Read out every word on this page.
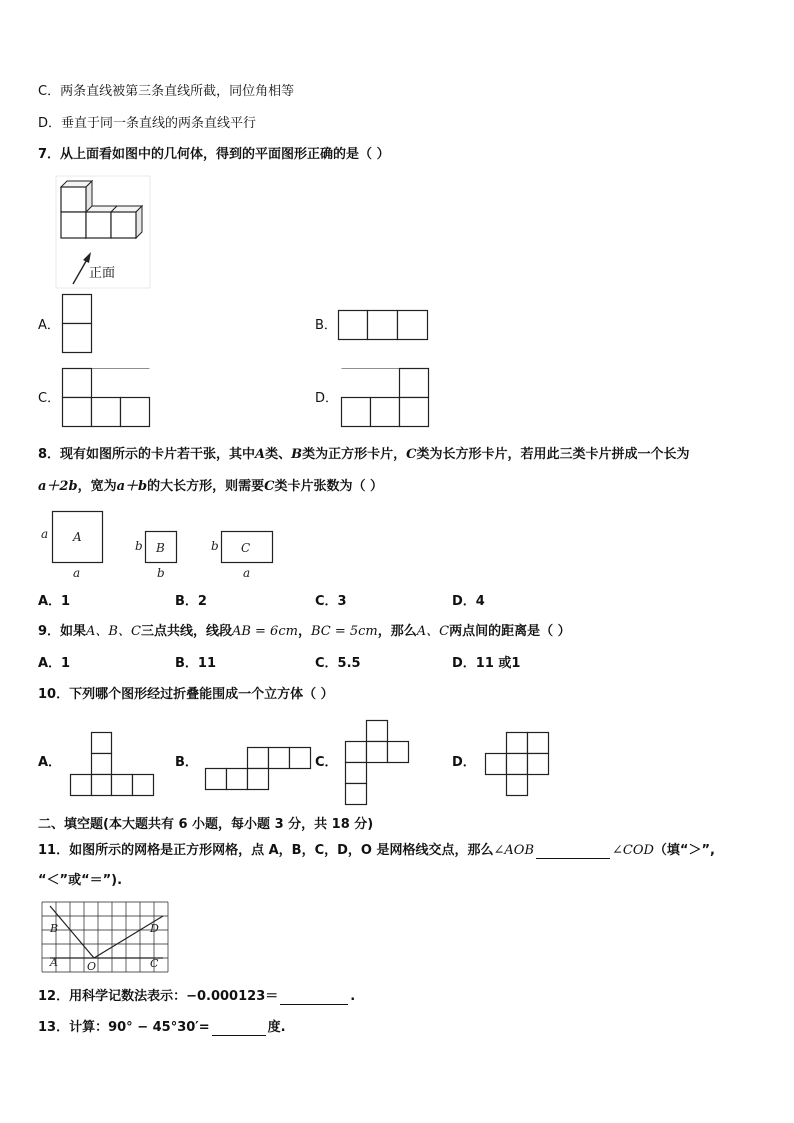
C．两条直线被第三条直线所截，同位角相等
D．垂直于同一条直线的两条直线平行
7．从上面看如图中的几何体，得到的平面图形正确的是（ ）
正面
A．	B．
C．	D．
8．现有如图所示的卡片若干张，其中A类、B类为正方形卡片，C类为长方形卡片，若用此三类卡片拼成一个长为
a＋2b，宽为a＋b的大长方形，则需要C类卡片张数为（ ）
a A
a
b B
b
b C
a
A．1	B．2	C．3	D．4
9．如果A、B、C三点共线，线段AB = 6cm，BC = 5cm，那么A、C两点间的距离是（ ）
A．1	B．11	C．5.5	D．11 或1
10．下列哪个图形经过折叠能围成一个立方体（ ）
A．	B．	C．	D．
二、填空题(本大题共有 6 小题，每小题 3 分，共 18 分)
11．如图所示的网格是正方形网格，点 A，B，C，D，O 是网格线交点，那么∠AOB	∠COD（填“＞”,
“＜”或“＝”).
B	D
A	O	C
12．用科学记数法表示：−0.000123＝	.
13．计算：90° − 45°30′=	度.
